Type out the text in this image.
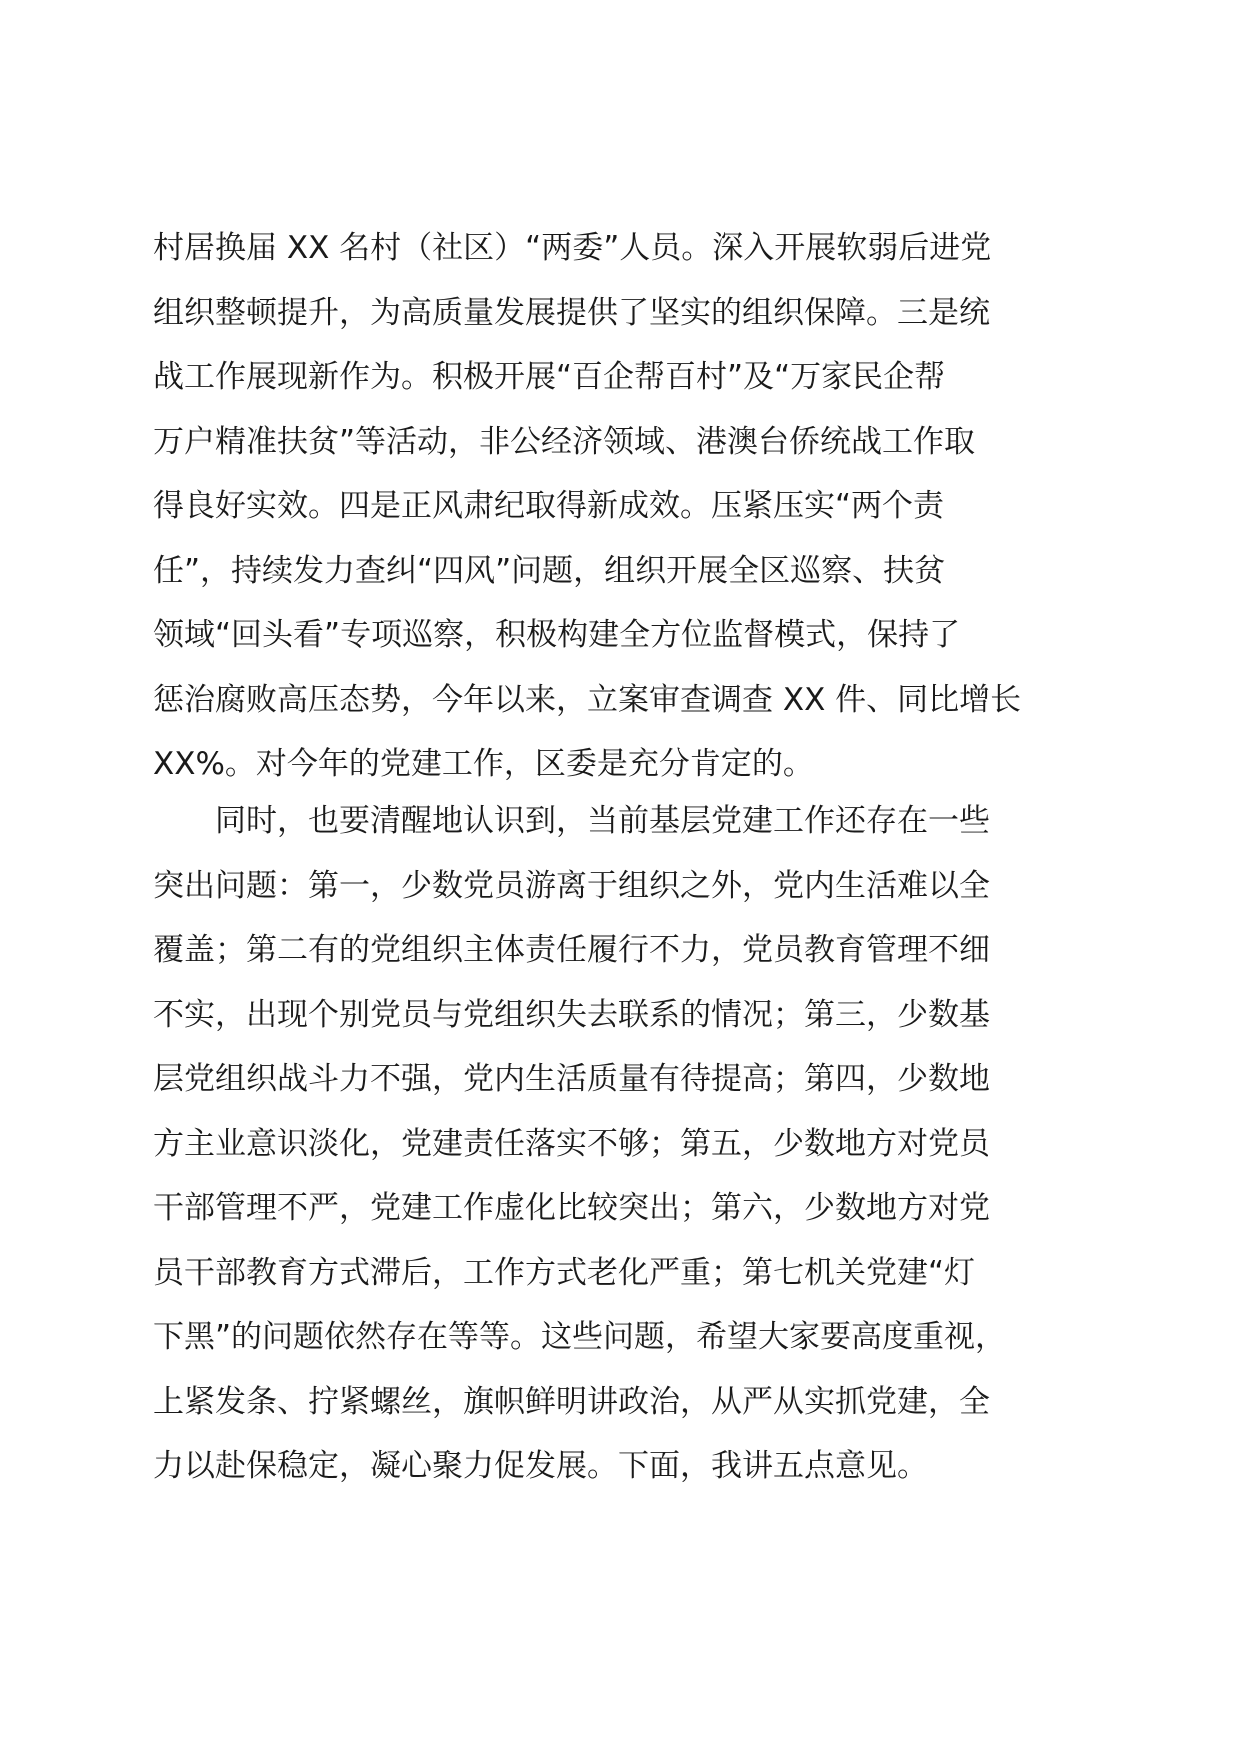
村居换届 XX 名村（社区）“两委”人员。深入开展软弱后进党
组织整顿提升，为高质量发展提供了坚实的组织保障。三是统
战工作展现新作为。积极开展“百企帮百村”及“万家民企帮
万户精准扶贫”等活动，非公经济领域、港澳台侨统战工作取
得良好实效。四是正风肃纪取得新成效。压紧压实“两个责
任”，持续发力查纠“四风”问题，组织开展全区巡察、扶贫
领域“回头看”专项巡察，积极构建全方位监督模式，保持了
惩治腐败高压态势，今年以来，立案审查调查 XX 件、同比增长
XX%。对今年的党建工作，区委是充分肯定的。
　　同时，也要清醒地认识到，当前基层党建工作还存在一些
突出问题：第一，少数党员游离于组织之外，党内生活难以全
覆盖；第二有的党组织主体责任履行不力，党员教育管理不细
不实，出现个别党员与党组织失去联系的情况；第三，少数基
层党组织战斗力不强，党内生活质量有待提高；第四，少数地
方主业意识淡化，党建责任落实不够；第五，少数地方对党员
干部管理不严，党建工作虚化比较突出；第六，少数地方对党
员干部教育方式滞后，工作方式老化严重；第七机关党建“灯
下黑”的问题依然存在等等。这些问题，希望大家要高度重视，
上紧发条、拧紧螺丝，旗帜鲜明讲政治，从严从实抓党建，全
力以赴保稳定，凝心聚力促发展。下面，我讲五点意见。
